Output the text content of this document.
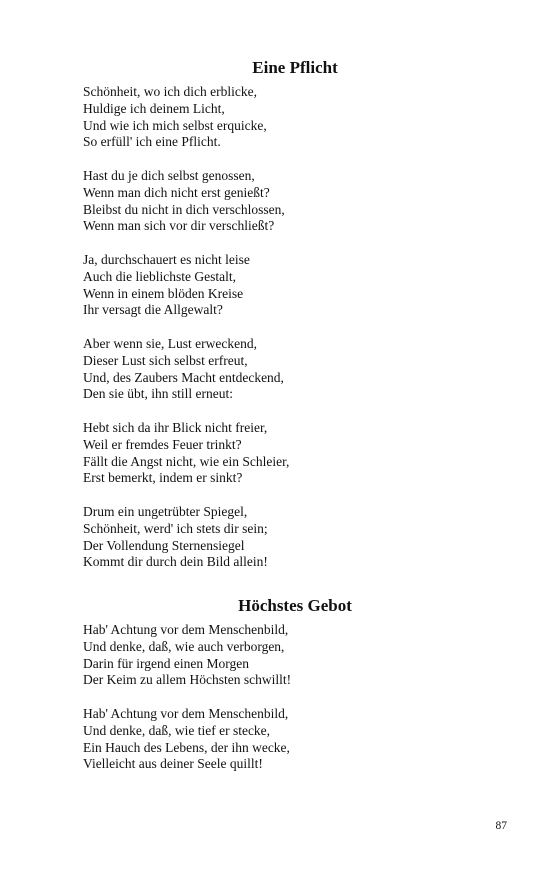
Eine Pflicht

Schönheit, wo ich dich erblicke,
Huldige ich deinem Licht,
Und wie ich mich selbst erquicke,
So erfüll' ich eine Pflicht.

Hast du je dich selbst genossen,
Wenn man dich nicht erst genießt?
Bleibst du nicht in dich verschlossen,
Wenn man sich vor dir verschließt?

Ja, durchschauert es nicht leise
Auch die lieblichste Gestalt,
Wenn in einem blöden Kreise
Ihr versagt die Allgewalt?

Aber wenn sie, Lust erweckend,
Dieser Lust sich selbst erfreut,
Und, des Zaubers Macht entdeckend,
Den sie übt, ihn still erneut:

Hebt sich da ihr Blick nicht freier,
Weil er fremdes Feuer trinkt?
Fällt die Angst nicht, wie ein Schleier,
Erst bemerkt, indem er sinkt?

Drum ein ungetrübter Spiegel,
Schönheit, werd' ich stets dir sein;
Der Vollendung Sternensiegel
Kommt dir durch dein Bild allein!

Höchstes Gebot

Hab' Achtung vor dem Menschenbild,
Und denke, daß, wie auch verborgen,
Darin für irgend einen Morgen
Der Keim zu allem Höchsten schwillt!

Hab' Achtung vor dem Menschenbild,
Und denke, daß, wie tief er stecke,
Ein Hauch des Lebens, der ihn wecke,
Vielleicht aus deiner Seele quillt!

87
